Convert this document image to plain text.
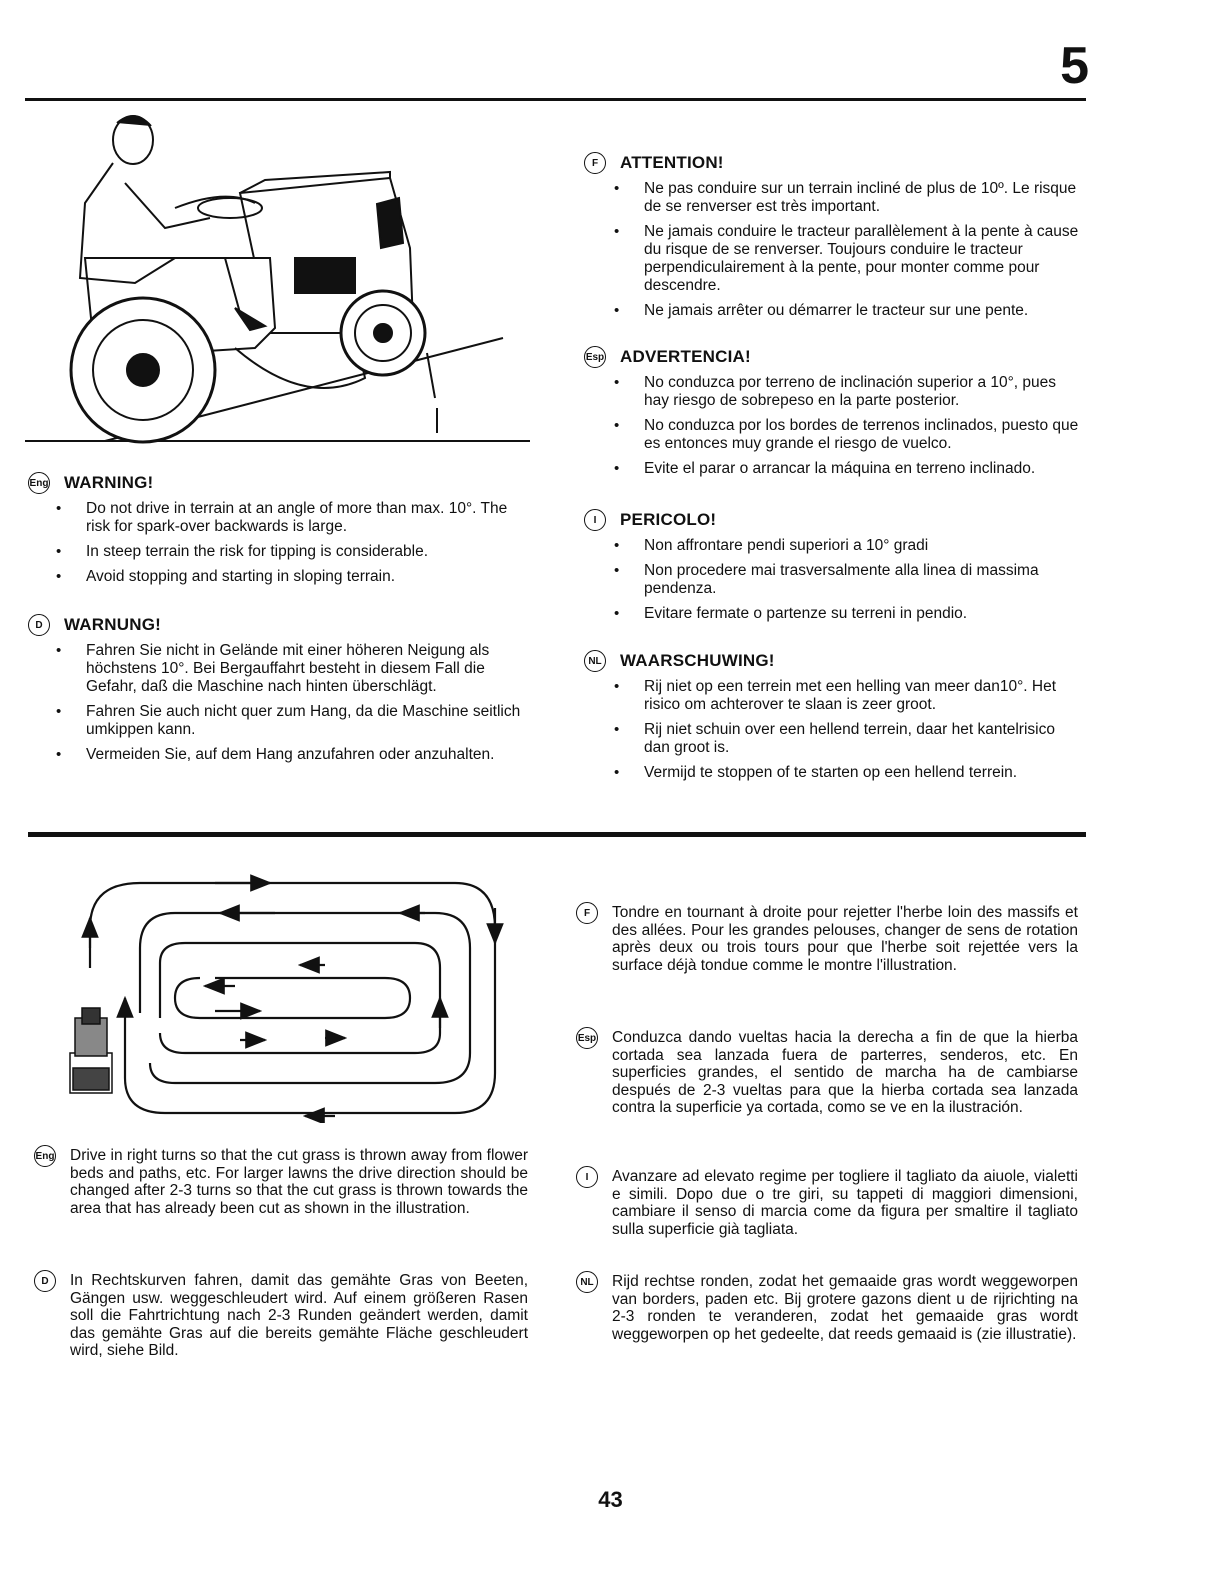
5
Eng WARNING!
• Do not drive in terrain at an angle of more than max. 10°. The risk for spark-over backwards is large.
• In steep terrain the risk for tipping is considerable.
• Avoid stopping and starting in sloping terrain.
D	WARNUNG!
• Fahren Sie nicht in Gelände mit einer höheren Neigung als höchstens 10°. Bei Bergauffahrt besteht in diesem Fall die Gefahr, daß die Maschine nach hinten überschlägt.
• Fahren Sie auch nicht quer zum Hang, da die Maschine seitlich umkippen kann.
• Vermeiden Sie, auf dem Hang anzufahren oder anzuhalten.
F	ATTENTION!
• Ne pas conduire sur un terrain incliné de plus de 10º. Le risque de se renverser est très important.
• Ne jamais conduire le tracteur parallèlement à la pente à cause du risque de se renverser. Toujours conduire le tracteur perpendiculairement à la pente, pour monter comme pour descendre.
• Ne jamais arrêter ou démarrer le tracteur sur une pente.
Esp ADVERTENCIA!
• No conduzca por terreno de inclinación superior a 10°, pues hay riesgo de sobrepeso en la parte posterior.
• No conduzca por los bordes de terrenos inclinados, puesto que es entonces muy grande el riesgo de vuelco.
• Evite el parar o arrancar la máquina en terreno inclinado.
I	PERICOLO!
• Non affrontare pendi superiori a 10° gradi
• Non procedere mai trasversalmente alla linea di massima pendenza.
• Evitare fermate o partenze su terreni in pendio.
NL WAARSCHUWING!
• Rij niet op een terrein met een helling van meer dan10°. Het risico om achterover te slaan is zeer groot.
• Rij niet schuin over een hellend terrein, daar het kantelrisico dan groot is.
• Vermijd te stoppen of te starten op een hellend terrein.
Eng Drive in right turns so that the cut grass is thrown away from flower beds and paths, etc. For larger lawns the drive direction should be changed after 2-3 turns so that the cut grass is thrown towards the area that has already been cut as shown in the illustration.
D	In Rechtskurven fahren, damit das gemähte Gras von Beeten, Gängen usw. weggeschleudert wird. Auf einem größeren Rasen soll die Fahrtrichtung nach 2-3 Runden geändert werden, damit das gemähte Gras auf die bereits gemähte Fläche geschleudert wird, siehe Bild.
F	Tondre en tournant à droite pour rejetter l'herbe loin des massifs et des allées. Pour les grandes pelouses, changer de sens de rotation après deux ou trois tours pour que l'herbe soit rejettée vers la surface déjà tondue comme le montre l'illustration.
Esp Conduzca dando vueltas hacia la derecha a fin de que la hierba cortada sea lanzada fuera de parterres, senderos, etc. En superficies grandes, el sentido de marcha ha de cambiarse después de 2-3 vueltas para que la hierba cortada sea lanzada contra la superficie ya cortada, como se ve en la ilustración.
I	Avanzare ad elevato regime per togliere il tagliato da aiuole, vialetti e simili. Dopo due o tre giri, su tappeti di maggiori dimensioni, cambiare il senso di marcia come da figura per smaltire il tagliato sulla superficie già tagliata.
NL Rijd rechtse ronden, zodat het gemaaide gras wordt weggeworpen van borders, paden etc. Bij grotere gazons dient u de rijrichting na 2-3 ronden te veranderen, zodat het gemaaide gras wordt weggeworpen op het gedeelte, dat reeds gemaaid is (zie illustratie).
43
